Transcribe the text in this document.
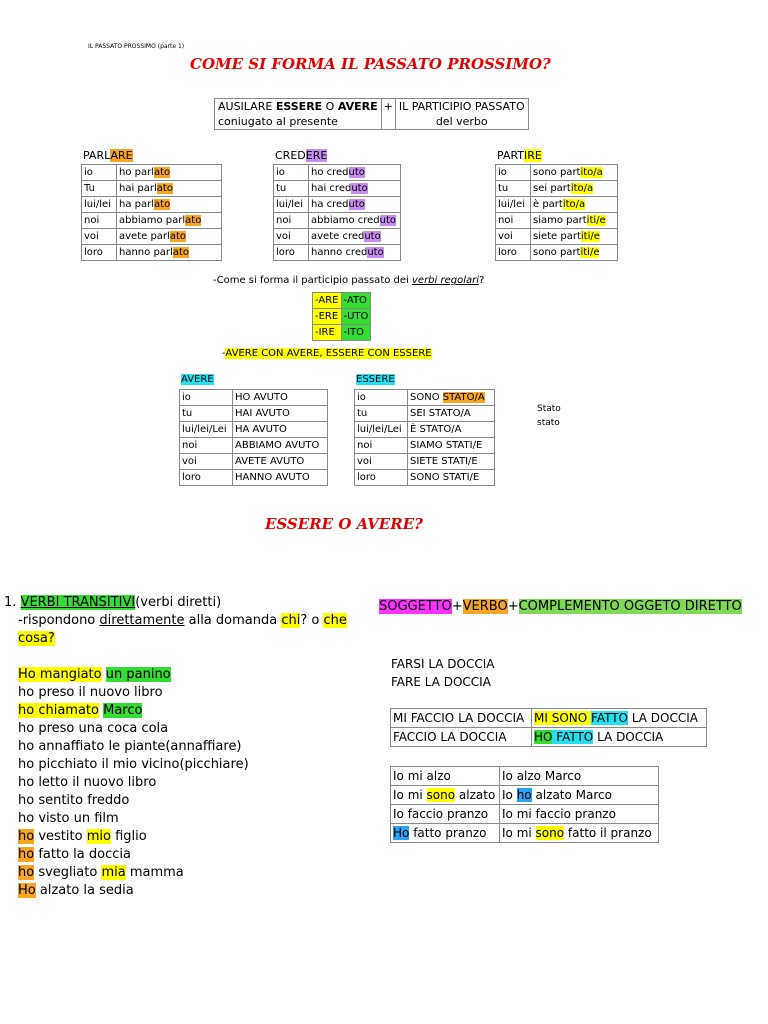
IL PASSATO PROSSIMO (parte 1)
COME SI FORMA IL PASSATO PROSSIMO?
AUSILARE ESSERE O AVERE
coniugato al presente	+	IL PARTICIPIO PASSATO
del verbo
PARLARE	CREDERE	PARTIRE
io	ho parlato
Tu	hai parlato
lui/lei	ha parlato
noi	abbiamo parlato
voi	avete parlato
loro	hanno parlato
io	ho creduto
tu	hai creduto
lui/lei	ha creduto
noi	abbiamo creduto
voi	avete creduto
loro	hanno creduto
io	sono partito/a
tu	sei partito/a
lui/lei	è partito/a
noi	siamo partiti/e
voi	siete partiti/e
loro	sono partiti/e
-Come si forma il participio passato dei verbi regolari?
-ARE	-ATO
-ERE	-UTO
-IRE	-ITO
-AVERE CON AVERE, ESSERE CON ESSERE
AVERE
io	HO AVUTO
tu	HAI AVUTO
lui/lei/Lei	HA AVUTO
noi	ABBIAMO AVUTO
voi	AVETE AVUTO
loro	HANNO AVUTO
ESSERE
io	SONO STATO/A
tu	SEI STATO/A
lui/lei/Lei	È STATO/A
noi	SIAMO STATI/E
voi	SIETE STATI/E
loro	SONO STATI/E
Stato
stato
ESSERE O AVERE?
1. VERBI TRANSITIVI(verbi diretti)
-rispondono direttamente alla domanda chi? o che
cosa?
Ho mangiato un panino
ho preso il nuovo libro
ho chiamato Marco
ho preso una coca cola
ho annaffiato le piante(annaffiare)
ho picchiato il mio vicino(picchiare)
ho letto il nuovo libro
ho sentito freddo
ho visto un film
ho vestito mio figlio
ho fatto la doccia
ho svegliato mia mamma
Ho alzato la sedia
SOGGETTO+VERBO+COMPLEMENTO OGGETO DIRETTO
FARSI LA DOCCIA
FARE LA DOCCIA
MI FACCIO LA DOCCIA	MI SONO FATTO LA DOCCIA
FACCIO LA DOCCIA	HO FATTO LA DOCCIA
Io mi alzo	Io alzo Marco
Io mi sono alzato	Io ho alzato Marco
Io faccio pranzo	Io mi faccio pranzo
Ho fatto pranzo	Io mi sono fatto il pranzo
